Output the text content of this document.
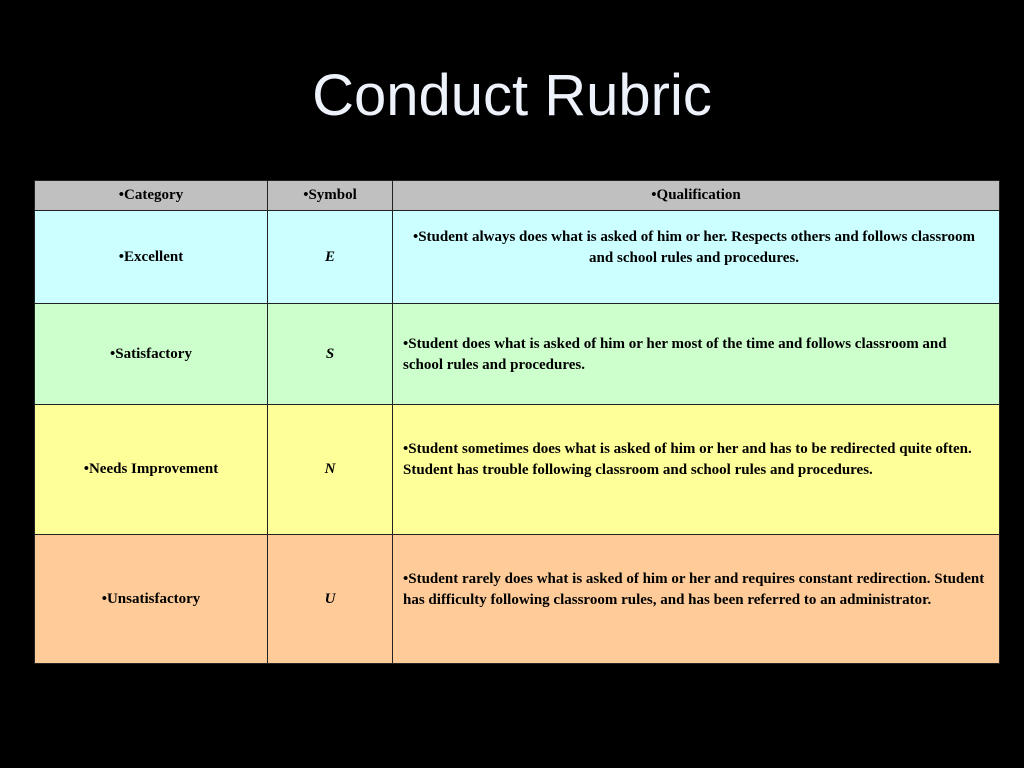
Conduct Rubric
•Category	•Symbol	•Qualification
•Excellent	E	•Student always does what is asked of him or her. Respects others and follows classroom and school rules and procedures.

•Satisfactory	S	•Student does what is asked of him or her most of the time and follows classroom and school rules and procedures.

•Needs Improvement	N	•Student sometimes does what is asked of him or her and has to be redirected quite often. Student has trouble following classroom and school rules and procedures.

•Unsatisfactory	U	•Student rarely does what is asked of him or her and requires constant redirection. Student has difficulty following classroom rules, and has been referred to an administrator.
